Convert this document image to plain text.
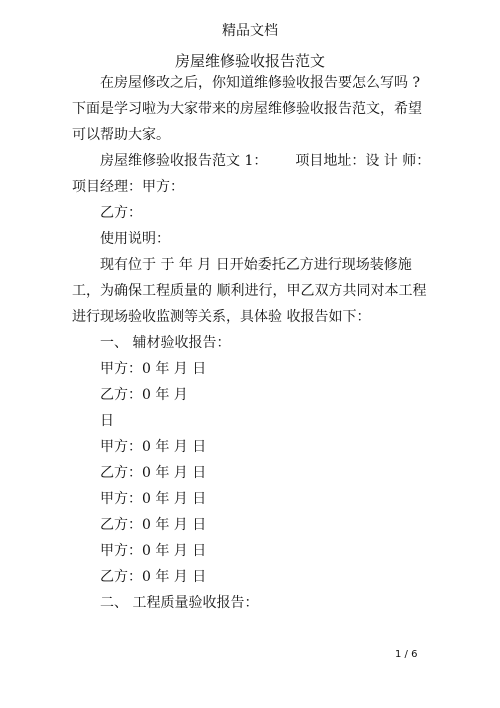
精品文档
房屋维修验收报告范文

在房屋修改之后，你知道维修验收报告要怎么写吗 ?下面是学习啦为大家带来的房屋维修验收报告范文，希望可以帮助大家。

房屋维修验收报告范文 1： 项目地址：设 计 师：

项目经理：甲方：

乙方：

使用说明：

现有位于 于 年 月 日开始委托乙方进行现场装修施工，为确保工程质量的 顺利进行，甲乙双方共同对本工程进行现场验收监测等关系，具体验 收报告如下：

一、 辅材验收报告：

甲方：0 年 月 日

乙方：0 年 月

日

甲方：0 年 月 日

乙方：0 年 月 日

甲方：0 年 月 日

乙方：0 年 月 日

甲方：0 年 月 日

乙方：0 年 月 日

二、 工程质量验收报告：

1 / 6
